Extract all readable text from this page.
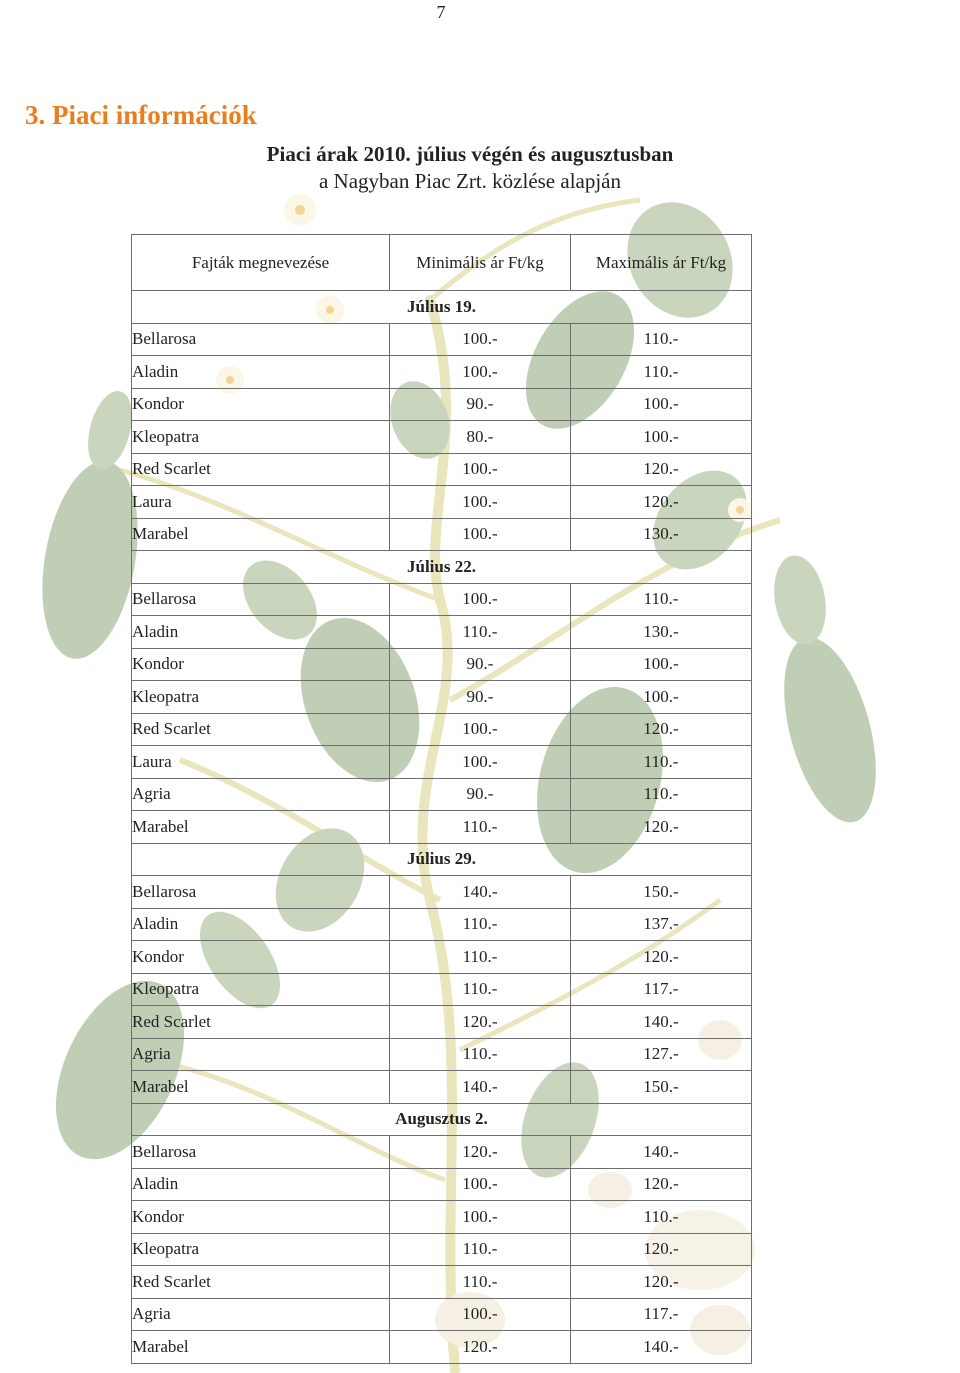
7
3. Piaci információk
Piaci árak 2010. július végén és augusztusban
a Nagyban Piac Zrt. közlése alapján
Fajták megnevezése	Minimális ár Ft/kg	Maximális ár Ft/kg
Július 19.		
Bellarosa	100.-	110.-
Aladin	100.-	110.-
Kondor	90.-	100.-
Kleopatra	80.-	100.-
Red Scarlet	100.-	120.-
Laura	100.-	120.-
Marabel	100.-	130.-
Július 22.		
Bellarosa	100.-	110.-
Aladin	110.-	130.-
Kondor	90.-	100.-
Kleopatra	90.-	100.-
Red Scarlet	100.-	120.-
Laura	100.-	110.-
Agria	90.-	110.-
Marabel	110.-	120.-
Július 29.		
Bellarosa	140.-	150.-
Aladin	110.-	137.-
Kondor	110.-	120.-
Kleopatra	110.-	117.-
Red Scarlet	120.-	140.-
Agria	110.-	127.-
Marabel	140.-	150.-
Augusztus 2.		
Bellarosa	120.-	140.-
Aladin	100.-	120.-
Kondor	100.-	110.-
Kleopatra	110.-	120.-
Red Scarlet	110.-	120.-
Agria	100.-	117.-
Marabel	120.-	140.-
